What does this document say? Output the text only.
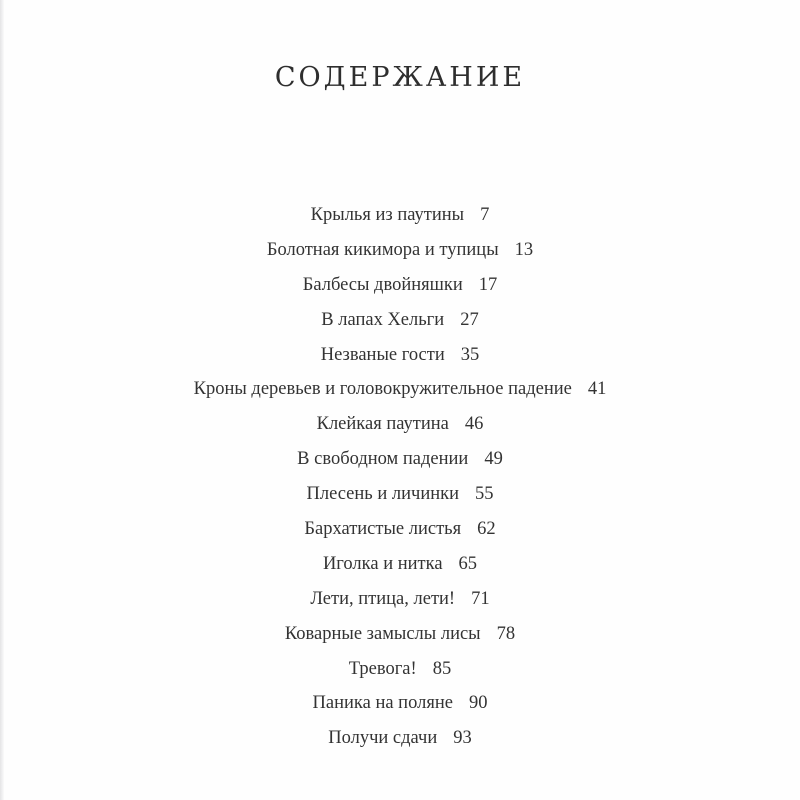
СОДЕРЖАНИЕ
Крылья из паутины 7
Болотная кикимора и тупицы 13
Балбесы двойняшки 17
В лапах Хельги 27
Незваные гости 35
Кроны деревьев и головокружительное падение 41
Клейкая паутина 46
В свободном падении 49
Плесень и личинки 55
Бархатистые листья 62
Иголка и нитка 65
Лети, птица, лети! 71
Коварные замыслы лисы 78
Тревога! 85
Паника на поляне 90
Получи сдачи 93
